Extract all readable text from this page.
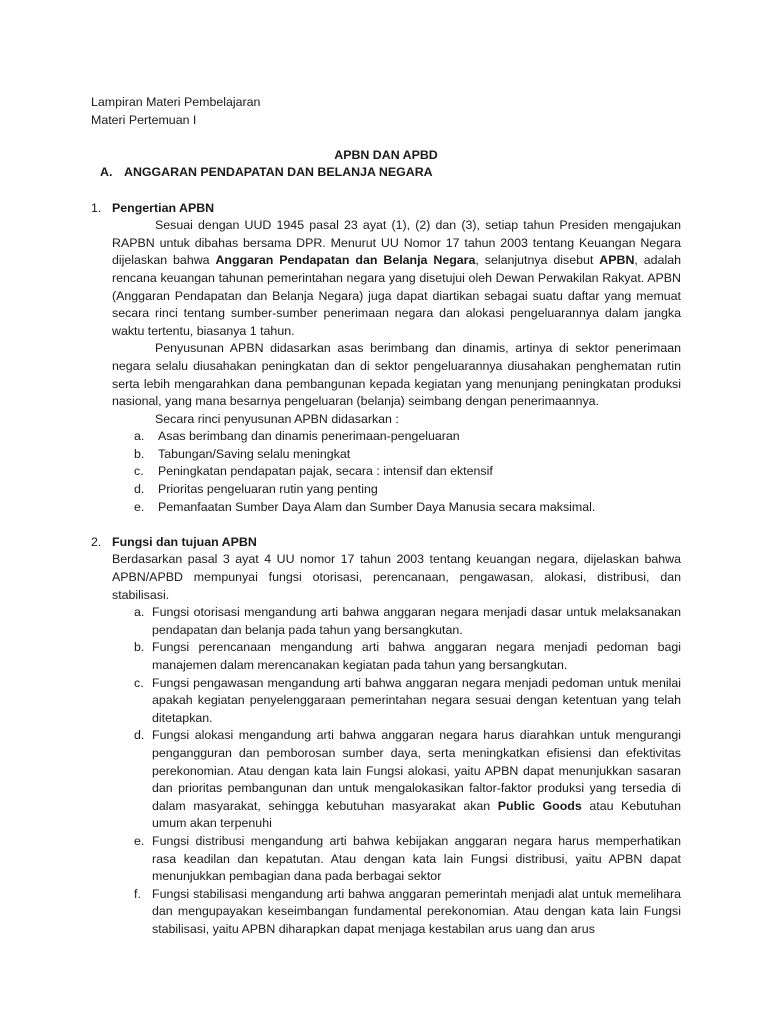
Lampiran Materi Pembelajaran

Materi Pertemuan I

APBN DAN APBD

A. ANGGARAN PENDAPATAN DAN BELANJA NEGARA
1. Pengertian APBN

Sesuai dengan UUD 1945 pasal 23 ayat (1), (2) dan (3), setiap tahun Presiden mengajukan RAPBN untuk dibahas bersama DPR. Menurut UU Nomor 17 tahun 2003 tentang Keuangan Negara dijelaskan bahwa Anggaran Pendapatan dan Belanja Negara, selanjutnya disebut APBN, adalah rencana keuangan tahunan pemerintahan negara yang disetujui oleh Dewan Perwakilan Rakyat. APBN (Anggaran Pendapatan dan Belanja Negara) juga dapat diartikan sebagai suatu daftar yang memuat secara rinci tentang sumber-sumber penerimaan negara dan alokasi pengeluarannya dalam jangka waktu tertentu, biasanya 1 tahun.

Penyusunan APBN didasarkan asas berimbang dan dinamis, artinya di sektor penerimaan negara selalu diusahakan peningkatan dan di sektor pengeluarannya diusahakan penghematan rutin serta lebih mengarahkan dana pembangunan kepada kegiatan yang menunjang peningkatan produksi nasional, yang mana besarnya pengeluaran (belanja) seimbang dengan penerimaannya.

Secara rinci penyusunan APBN didasarkan :

a.	Asas berimbang dan dinamis penerimaan-pengeluaran
b.	Tabungan/Saving selalu meningkat
c.	Peningkatan pendapatan pajak, secara : intensif dan ektensif
d.	Prioritas pengeluaran rutin yang penting
e.	Pemanfaatan Sumber Daya Alam dan Sumber Daya Manusia secara maksimal.
2. Fungsi dan tujuan APBN

Berdasarkan pasal 3 ayat 4 UU nomor 17 tahun 2003 tentang keuangan negara, dijelaskan bahwa APBN/APBD mempunyai fungsi otorisasi, perencanaan, pengawasan, alokasi, distribusi, dan stabilisasi.

a. Fungsi otorisasi mengandung arti bahwa anggaran negara menjadi dasar untuk melaksanakan pendapatan dan belanja pada tahun yang bersangkutan.
b. Fungsi perencanaan mengandung arti bahwa anggaran negara menjadi pedoman bagi manajemen dalam merencanakan kegiatan pada tahun yang bersangkutan.
c. Fungsi pengawasan mengandung arti bahwa anggaran negara menjadi pedoman untuk menilai apakah kegiatan penyelenggaraan pemerintahan negara sesuai dengan ketentuan yang telah ditetapkan.
d. Fungsi alokasi mengandung arti bahwa anggaran negara harus diarahkan untuk mengurangi pengangguran dan pemborosan sumber daya, serta meningkatkan efisiensi dan efektivitas perekonomian. Atau dengan kata lain Fungsi alokasi, yaitu APBN dapat menunjukkan sasaran dan prioritas pembangunan dan untuk mengalokasikan faltor-faktor produksi yang tersedia di dalam masyarakat, sehingga kebutuhan masyarakat akan Public Goods atau Kebutuhan umum akan terpenuhi
e. Fungsi distribusi mengandung arti bahwa kebijakan anggaran negara harus memperhatikan rasa keadilan dan kepatutan. Atau dengan kata lain Fungsi distribusi, yaitu APBN dapat menunjukkan pembagian dana pada berbagai sektor
f. Fungsi stabilisasi mengandung arti bahwa anggaran pemerintah menjadi alat untuk memelihara dan mengupayakan keseimbangan fundamental perekonomian. Atau dengan kata lain Fungsi stabilisasi, yaitu APBN diharapkan dapat menjaga kestabilan arus uang dan arus
